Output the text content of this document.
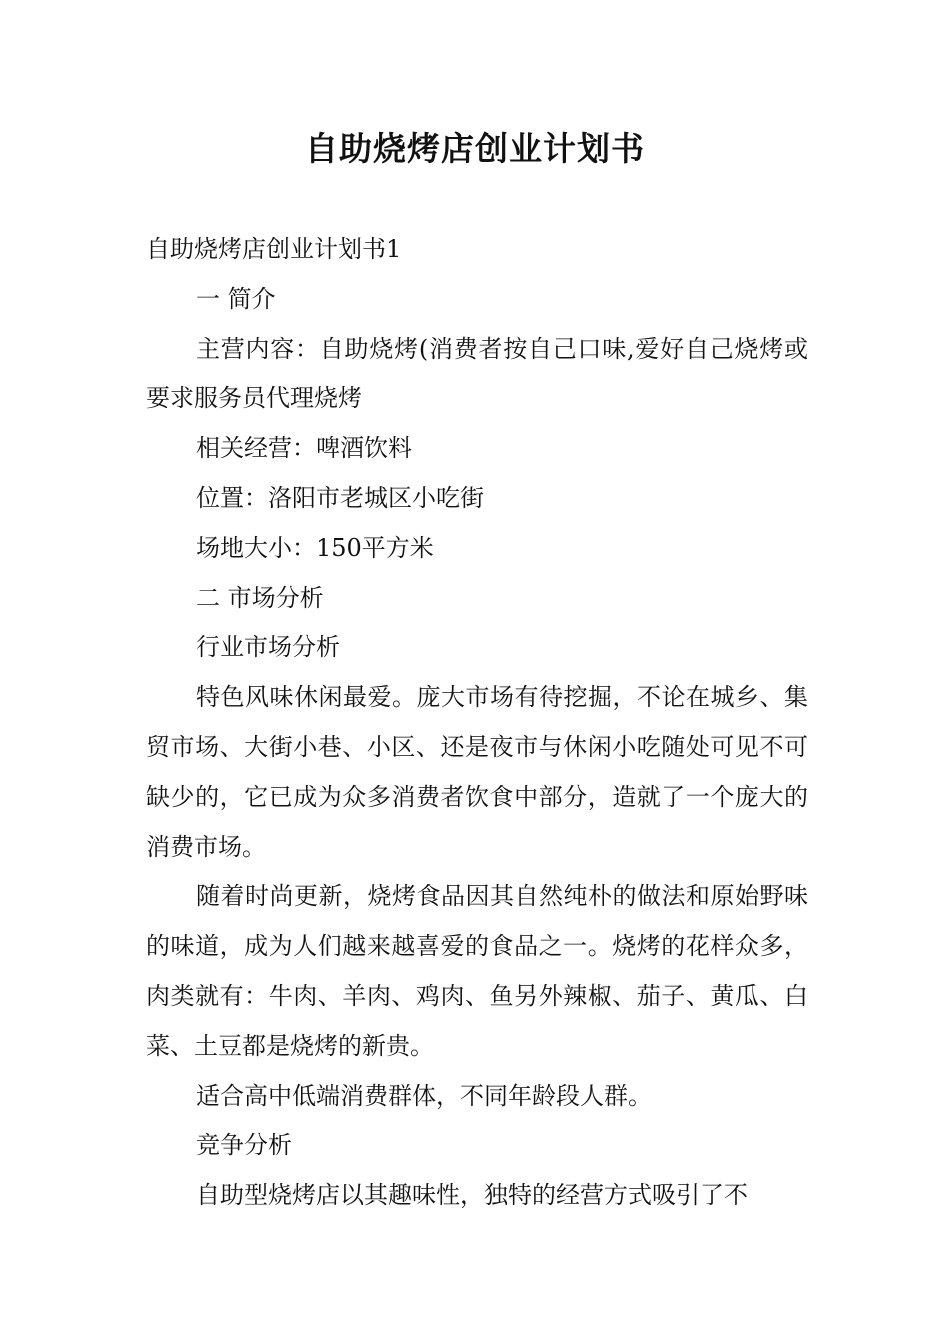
自助烧烤店创业计划书

自助烧烤店创业计划书1

一 简介

主营内容：自助烧烤(消费者按自己口味,爱好自己烧烤或要求服务员代理烧烤

相关经营：啤酒饮料

位置：洛阳市老城区小吃街

场地大小：150平方米

二 市场分析

行业市场分析

特色风味休闲最爱。庞大市场有待挖掘，不论在城乡、集贸市场、大街小巷、小区、还是夜市与休闲小吃随处可见不可缺少的，它已成为众多消费者饮食中部分，造就了一个庞大的消费市场。

随着时尚更新，烧烤食品因其自然纯朴的做法和原始野味的味道，成为人们越来越喜爱的食品之一。烧烤的花样众多，肉类就有：牛肉、羊肉、鸡肉、鱼另外辣椒、茄子、黄瓜、白菜、土豆都是烧烤的新贵。

适合高中低端消费群体，不同年龄段人群。

竞争分析

自助型烧烤店以其趣味性，独特的经营方式吸引了不
